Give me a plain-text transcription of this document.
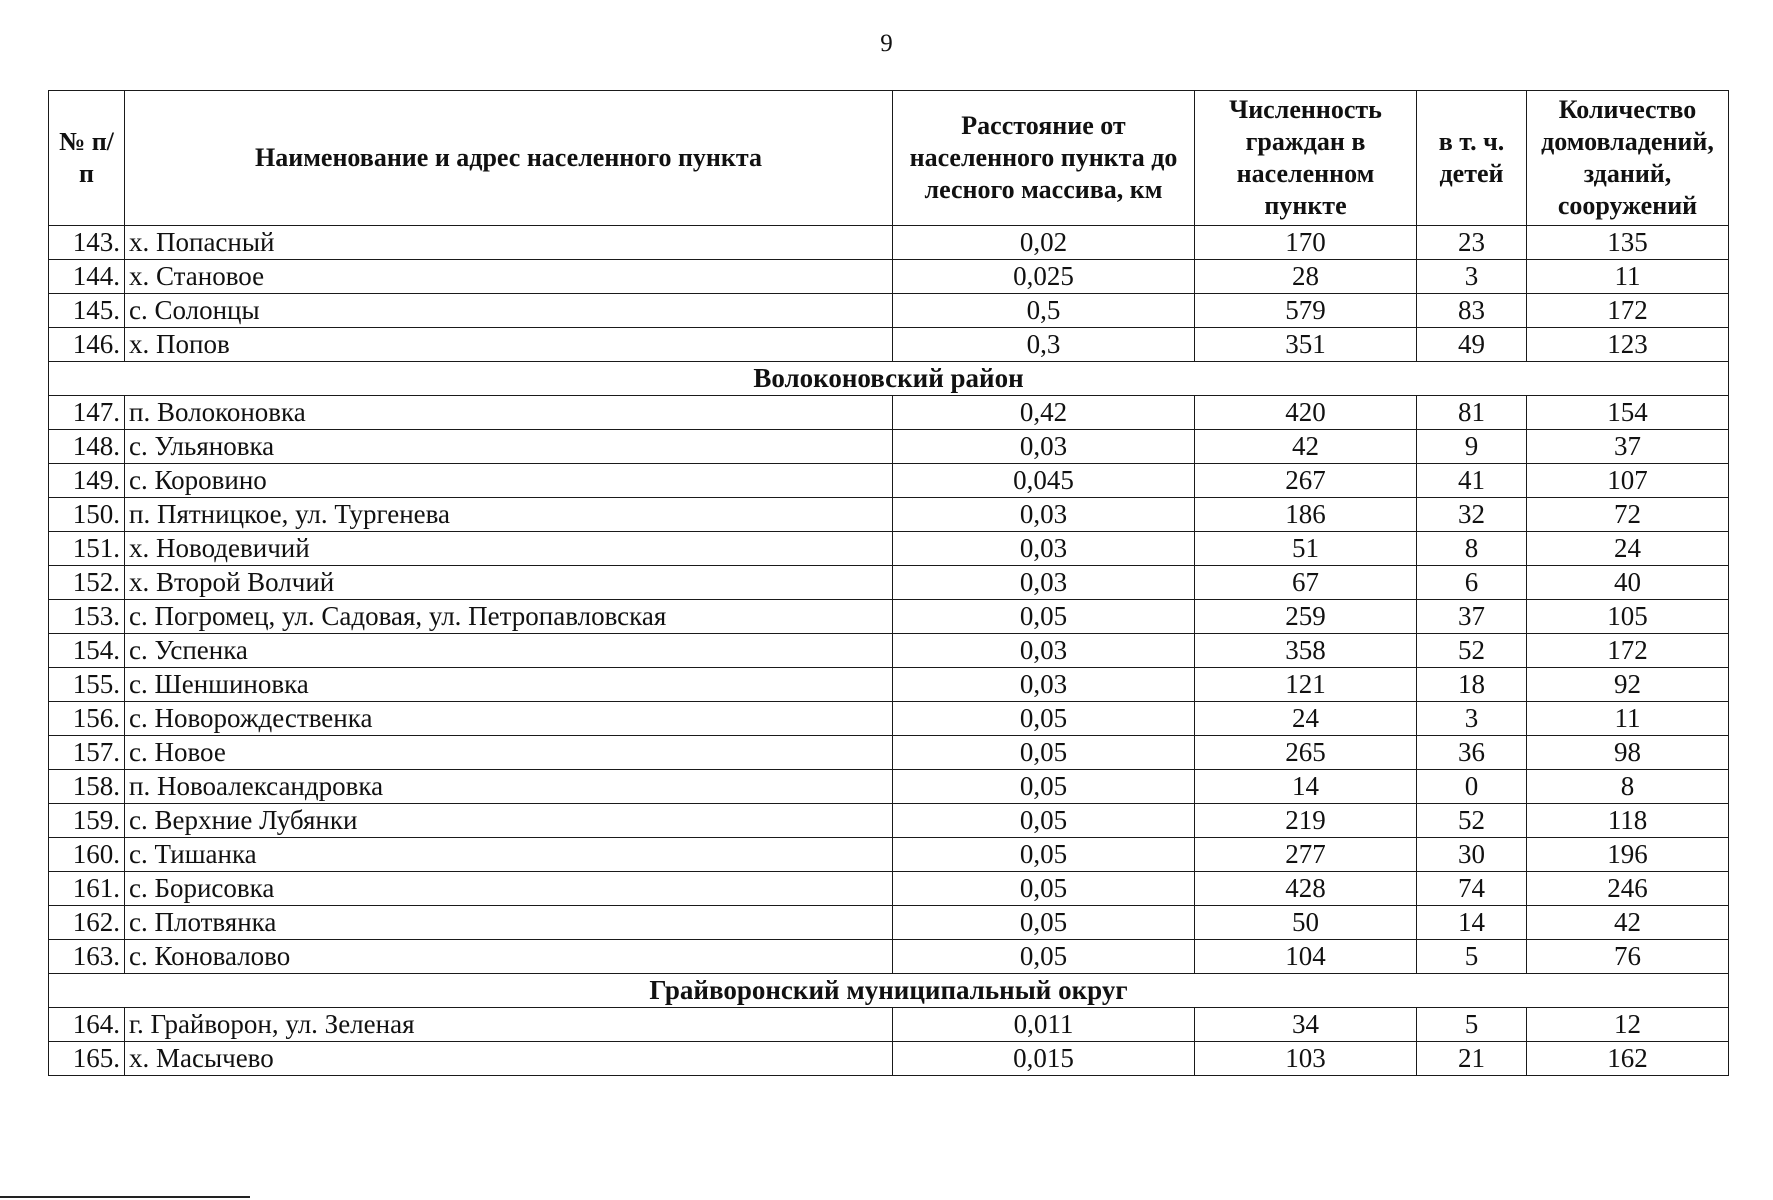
9
№ п/п	Наименование и адрес населенного пункта	Расстояние от населенного пункта до лесного массива, км	Численность граждан в населенном пункте	в т. ч. детей	Количество домовладений, зданий, сооружений
143.	х. Попасный	0,02	170	23	135
144.	х. Становое	0,025	28	3	11
145.	с. Солонцы	0,5	579	83	172
146.	х. Попов	0,3	351	49	123
Волоконовский район					
147.	п. Волоконовка	0,42	420	81	154
148.	с. Ульяновка	0,03	42	9	37
149.	с. Коровино	0,045	267	41	107
150.	п. Пятницкое, ул. Тургенева	0,03	186	32	72
151.	х. Новодевичий	0,03	51	8	24
152.	х. Второй Волчий	0,03	67	6	40
153.	с. Погромец, ул. Садовая, ул. Петропавловская	0,05	259	37	105
154.	с. Успенка	0,03	358	52	172
155.	с. Шеншиновка	0,03	121	18	92
156.	с. Новорождественка	0,05	24	3	11
157.	с. Новое	0,05	265	36	98
158.	п. Новоалександровка	0,05	14	0	8
159.	с. Верхние Лубянки	0,05	219	52	118
160.	с. Тишанка	0,05	277	30	196
161.	с. Борисовка	0,05	428	74	246
162.	с. Плотвянка	0,05	50	14	42
163.	с. Коновалово	0,05	104	5	76
Грайворонский муниципальный округ					
164.	г. Грайворон, ул. Зеленая	0,011	34	5	12
165.	х. Масычево	0,015	103	21	162
